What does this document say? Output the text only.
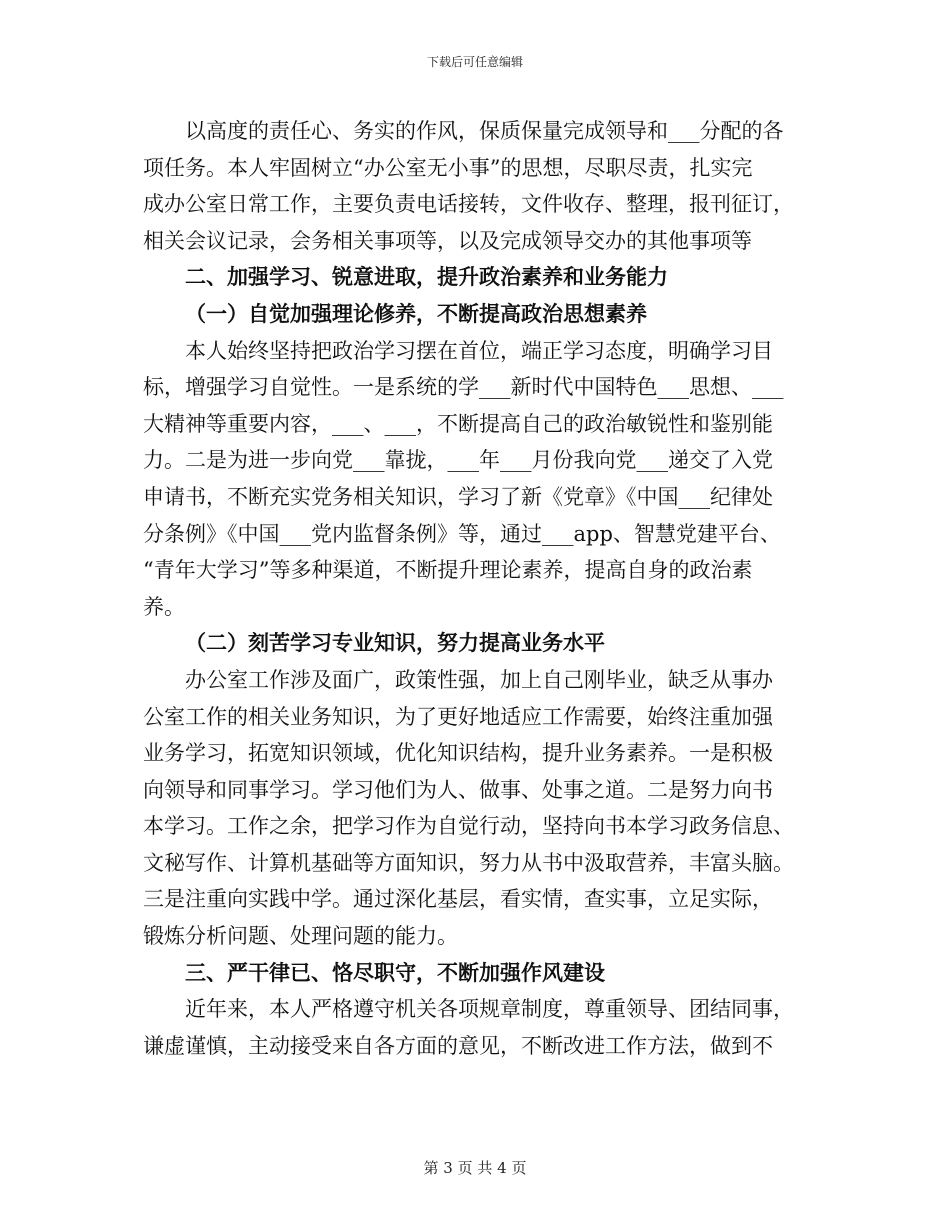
下载后可任意编辑
以高度的责任心、务实的作风，保质保量完成领导和___分配的各
项任务。本人牢固树立“办公室无小事”的思想，尽职尽责，扎实完
成办公室日常工作，主要负责电话接转，文件收存、整理，报刊征订，
相关会议记录，会务相关事项等，以及完成领导交办的其他事项等
二、加强学习、锐意进取，提升政治素养和业务能力
（一）自觉加强理论修养，不断提高政治思想素养
本人始终坚持把政治学习摆在首位，端正学习态度，明确学习目
标，增强学习自觉性。一是系统的学___新时代中国特色___思想、___
大精神等重要内容，___、___，不断提高自己的政治敏锐性和鉴别能
力。二是为进一步向党___靠拢，___年___月份我向党___递交了入党
申请书，不断充实党务相关知识，学习了新《党章》《中国___纪律处
分条例》《中国___党内监督条例》等，通过___app、智慧党建平台、
“青年大学习”等多种渠道，不断提升理论素养，提高自身的政治素
养。
（二）刻苦学习专业知识，努力提高业务水平
办公室工作涉及面广，政策性强，加上自己刚毕业，缺乏从事办
公室工作的相关业务知识，为了更好地适应工作需要，始终注重加强
业务学习，拓宽知识领域，优化知识结构，提升业务素养。一是积极
向领导和同事学习。学习他们为人、做事、处事之道。二是努力向书
本学习。工作之余，把学习作为自觉行动，坚持向书本学习政务信息、
文秘写作、计算机基础等方面知识，努力从书中汲取营养，丰富头脑。
三是注重向实践中学。通过深化基层，看实情，查实事，立足实际，
锻炼分析问题、处理问题的能力。
三、严干律已、恪尽职守，不断加强作风建设
近年来，本人严格遵守机关各项规章制度，尊重领导、团结同事，
谦虚谨慎，主动接受来自各方面的意见，不断改进工作方法，做到不
第 3 页 共 4 页
